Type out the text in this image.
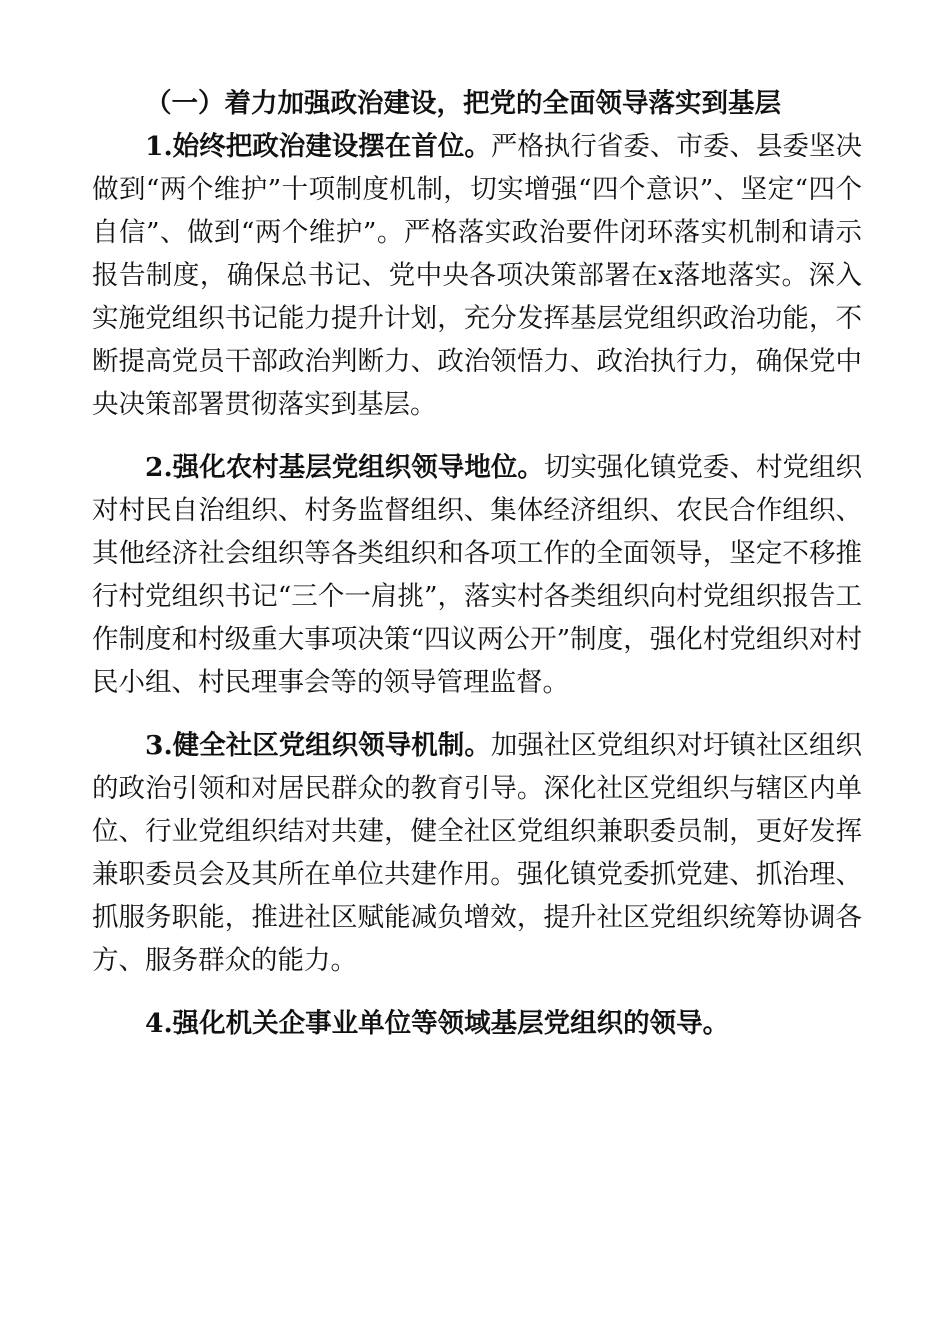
（一）着力加强政治建设，把党的全面领导落实到基层

1.始终把政治建设摆在首位。严格执行省委、市委、县委坚决做到“两个维护”十项制度机制，切实增强“四个意识”、坚定“四个自信”、做到“两个维护”。严格落实政治要件闭环落实机制和请示报告制度，确保总书记、党中央各项决策部署在x落地落实。深入实施党组织书记能力提升计划，充分发挥基层党组织政治功能，不断提高党员干部政治判断力、政治领悟力、政治执行力，确保党中央决策部署贯彻落实到基层。

2.强化农村基层党组织领导地位。切实强化镇党委、村党组织对村民自治组织、村务监督组织、集体经济组织、农民合作组织、其他经济社会组织等各类组织和各项工作的全面领导，坚定不移推行村党组织书记“三个一肩挑”，落实村各类组织向村党组织报告工作制度和村级重大事项决策“四议两公开”制度，强化村党组织对村民小组、村民理事会等的领导管理监督。

3.健全社区党组织领导机制。加强社区党组织对圩镇社区组织的政治引领和对居民群众的教育引导。深化社区党组织与辖区内单位、行业党组织结对共建，健全社区党组织兼职委员制，更好发挥兼职委员会及其所在单位共建作用。强化镇党委抓党建、抓治理、抓服务职能，推进社区赋能减负增效，提升社区党组织统筹协调各方、服务群众的能力。

4.强化机关企事业单位等领域基层党组织的领导。
